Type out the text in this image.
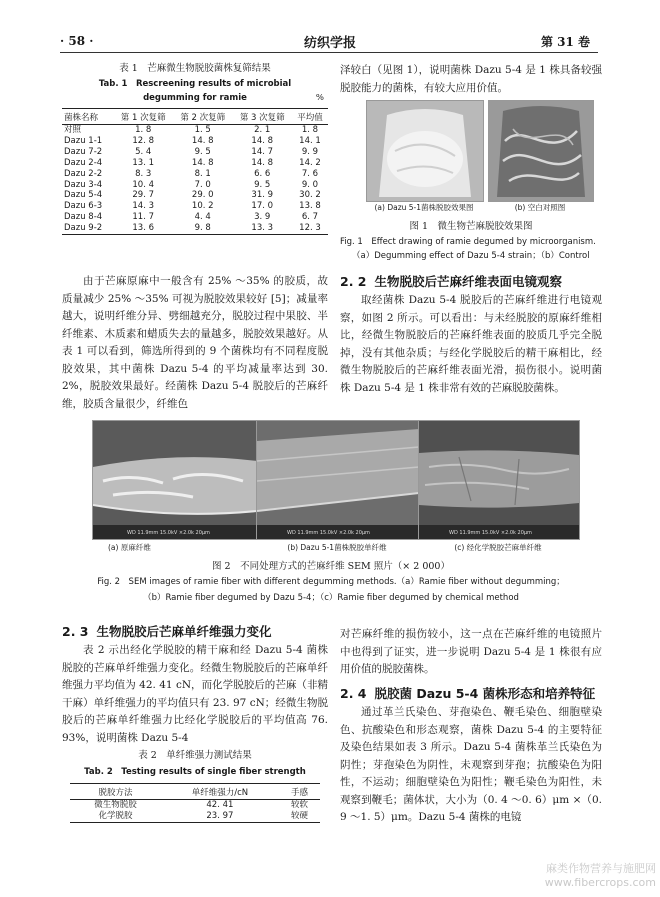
· 58 ·	纺织学报	第 31 卷
表 1　芒麻微生物脱胶菌株复筛结果
Tab. 1　Rescreening results of microbial
degumming for ramie	%
菌株名称	第 1 次复筛	第 2 次复筛	第 3 次复筛	平均值
对照	1. 8	1. 5	2. 1	1. 8
Dazu 1-1	12. 8	14. 8	14. 8	14. 1
Dazu 7-2	5. 4	9. 5	14. 7	9. 9
Dazu 2-4	13. 1	14. 8	14. 8	14. 2
Dazu 2-2	8. 3	8. 1	6. 6	7. 6
Dazu 3-4	10. 4	7. 0	9. 5	9. 0
Dazu 5-4	29. 7	29. 0	31. 9	30. 2
Dazu 6-3	14. 3	10. 2	17. 0	13. 8
Dazu 8-4	11. 7	4. 4	3. 9	6. 7
Dazu 9-2	13. 6	9. 8	13. 3	12. 3
由于芒麻原麻中一般含有 25% ～35% 的胶质，故质量减少 25% ～35% 可视为脱胶效果较好 [5]；减量率越大，说明纤维分异、劈细越充分，脱胶过程中果胶、半纤维素、木质素和蜡质失去的量越多，脱胶效果越好。从表 1 可以看到，筛选所得到的 9 个菌株均有不同程度脱胶效果，其中菌株 Dazu 5-4 的平均减量率达到 30. 2%，脱胶效果最好。经菌株 Dazu 5-4 脱胶后的芒麻纤维，胶质含量很少，纤维色
泽较白（见图 1），说明菌株 Dazu 5-4 是 1 株具备较强脱胶能力的菌株，有较大应用价值。
(a) Dazu 5-1菌株脱胶效果图	(b) 空白对照图
图 1　微生物芒麻脱胶效果图
Fig. 1　Effect drawing of ramie degumed by microorganism.
（a）Degumming effect of Dazu 5-4 strain；（b）Control
2. 2 生物脱胶后芒麻纤维表面电镜观察
取经菌株 Dazu 5-4 脱胶后的芒麻纤维进行电镜观察，如图 2 所示。可以看出：与未经脱胶的原麻纤维相比，经微生物脱胶后的芒麻纤维表面的胶质几乎完全脱掉，没有其他杂质；与经化学脱胶后的精干麻相比，经微生物脱胶后的芒麻纤维表面光滑，损伤很小。说明菌株 Dazu 5-4 是 1 株非常有效的芒麻脱胶菌株。
WD 11.9mm 15.0kV ×2.0k 20μm	WD 11.9mm 15.0kV ×2.0k 20μm	WD 11.9mm 15.0kV ×2.0k 20μm
(a) 原麻纤维	(b) Dazu 5-1菌株脱胶单纤维	(c) 经化学脱胶芒麻单纤维
图 2　不同处理方式的芒麻纤维 SEM 照片（× 2 000）
Fig. 2　SEM images of ramie fiber with different degumming methods.（a）Ramie fiber without degumming；
（b）Ramie fiber degumed by Dazu 5-4；（c）Ramie fiber degumed by chemical method
2. 3 生物脱胶后芒麻单纤维强力变化
表 2 示出经化学脱胶的精干麻和经 Dazu 5-4 菌株脱胶的芒麻单纤维强力变化。经微生物脱胶后的芒麻单纤维强力平均值为 42. 41 cN，而化学脱胶后的芒麻（非精干麻）单纤维强力的平均值只有 23. 97 cN；经微生物脱胶后的芒麻单纤维强力比经化学脱胶后的平均值高 76. 93%，说明菌株 Dazu 5-4
表 2　单纤维强力测试结果
Tab. 2　Testing results of single fiber strength
脱胶方法	单纤维强力/cN	手感
微生物脱胶	42. 41	较软
化学脱胶	23. 97	较硬
对芒麻纤维的损伤较小，这一点在芒麻纤维的电镜照片中也得到了证实，进一步说明 Dazu 5-4 是 1 株很有应用价值的脱胶菌株。
2. 4 脱胶菌 Dazu 5-4 菌株形态和培养特征
通过革兰氏染色、芽孢染色、鞭毛染色、细胞壁染色、抗酸染色和形态观察，菌株 Dazu 5-4 的主要特征及染色结果如表 3 所示。Dazu 5-4 菌株革兰氏染色为阴性；芽孢染色为阴性，未观察到芽孢；抗酸染色为阳性，不运动；细胞壁染色为阳性；鞭毛染色为阳性，未观察到鞭毛；菌体状，大小为（0. 4 ～0. 6）μm ×（0. 9 ～1. 5）μm。Dazu 5-4 菌株的电镜
麻类作物营养与施肥网
www.fibercrops.com
